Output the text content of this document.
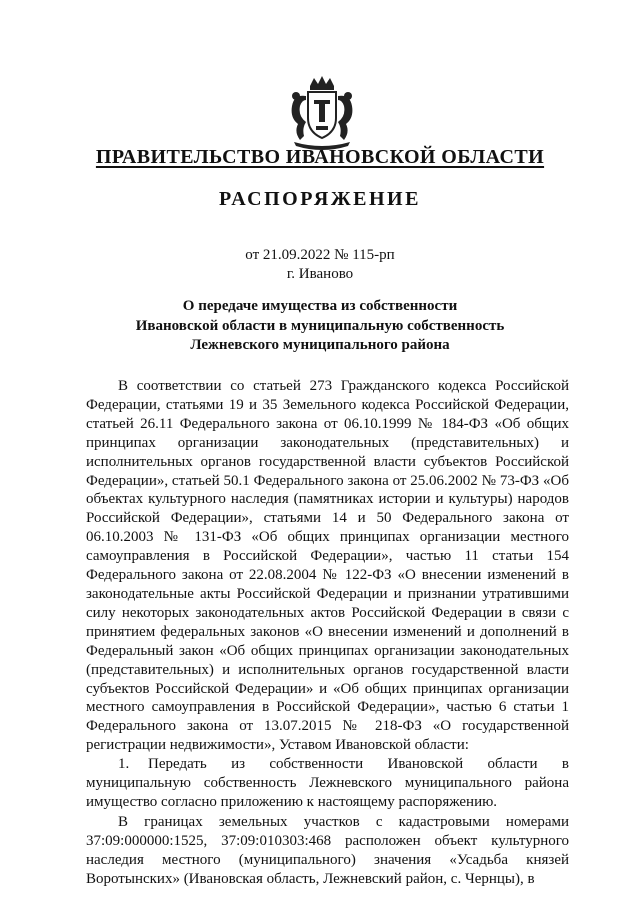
ПРАВИТЕЛЬСТВО ИВАНОВСКОЙ ОБЛАСТИ
РАСПОРЯЖЕНИЕ
от 21.09.2022 № 115-рп
г. Иваново
О передаче имущества из собственности
Ивановской области в муниципальную собственность
Лежневского муниципального района

В соответствии со статьей 273 Гражданского кодекса Российской Федерации, статьями 19 и 35 Земельного кодекса Российской Федерации, статьей 26.11 Федерального закона от 06.10.1999 № 184-ФЗ «Об общих принципах организации законодательных (представительных) и исполнительных органов государственной власти субъектов Российской Федерации», статьей 50.1 Федерального закона от 25.06.2002 № 73-ФЗ «Об объектах культурного наследия (памятниках истории и культуры) народов Российской Федерации», статьями 14 и 50 Федерального закона от 06.10.2003 № 131-ФЗ «Об общих принципах организации местного самоуправления в Российской Федерации», частью 11 статьи 154 Федерального закона от 22.08.2004 № 122-ФЗ «О внесении изменений в законодательные акты Российской Федерации и признании утратившими силу некоторых законодательных актов Российской Федерации в связи с принятием федеральных законов «О внесении изменений и дополнений в Федеральный закон «Об общих принципах организации законодательных (представительных) и исполнительных органов государственной власти субъектов Российской Федерации» и «Об общих принципах организации местного самоуправления в Российской Федерации», частью 6 статьи 1 Федерального закона от 13.07.2015 № 218-ФЗ «О государственной регистрации недвижимости», Уставом Ивановской области:

1. Передать из собственности Ивановской области в муниципальную собственность Лежневского муниципального района имущество согласно приложению к настоящему распоряжению.

В границах земельных участков с кадастровыми номерами 37:09:000000:1525, 37:09:010303:468 расположен объект культурного наследия местного (муниципального) значения «Усадьба князей Воротынских» (Ивановская область, Лежневский район, с. Чернцы), в
